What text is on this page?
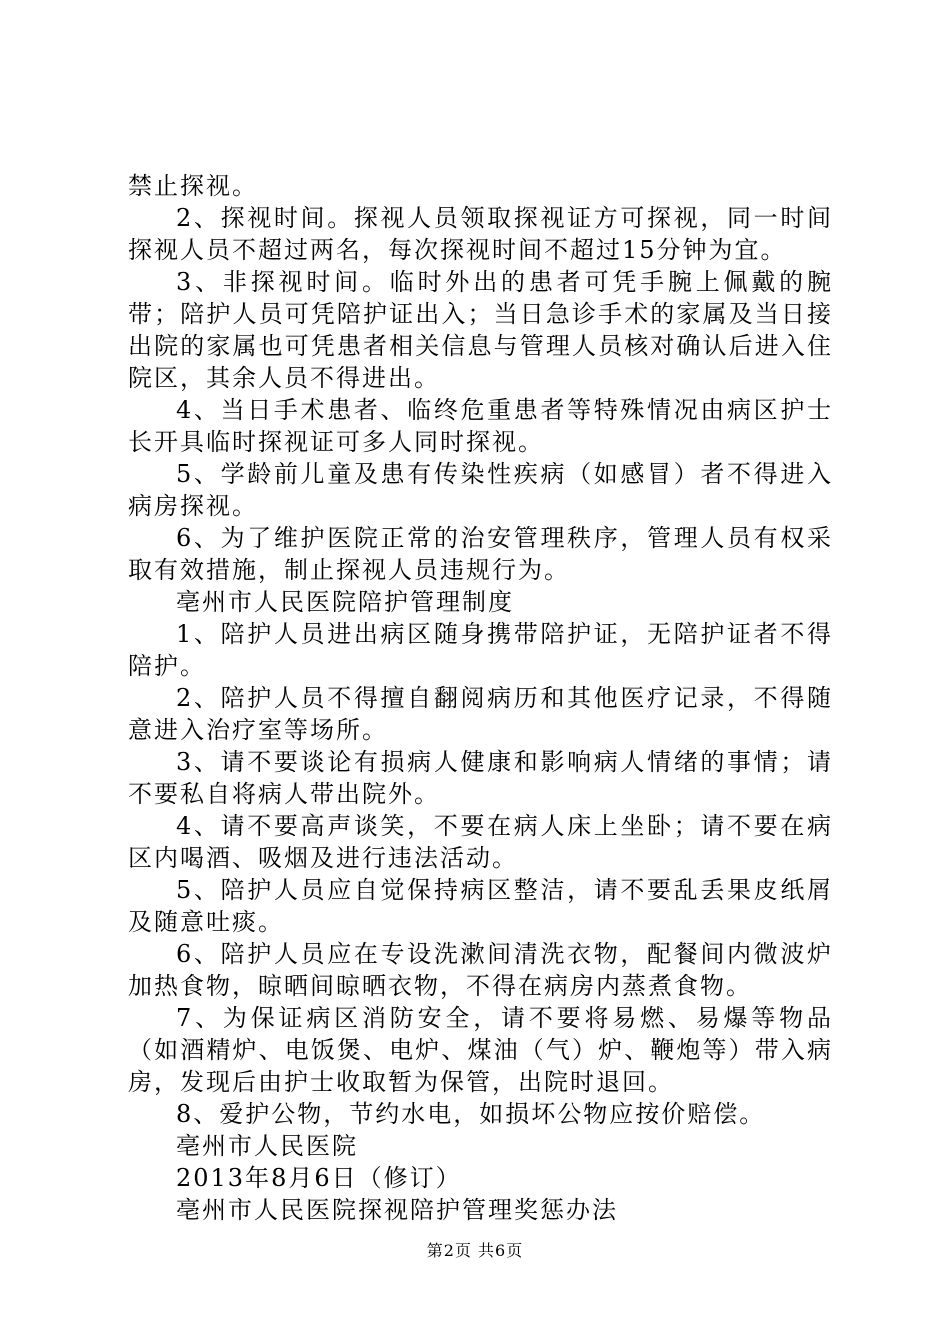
禁止探视。

2、探视时间。探视人员领取探视证方可探视，同一时间探视人员不超过两名，每次探视时间不超过15分钟为宜。

3、非探视时间。临时外出的患者可凭手腕上佩戴的腕带；陪护人员可凭陪护证出入；当日急诊手术的家属及当日接出院的家属也可凭患者相关信息与管理人员核对确认后进入住院区，其余人员不得进出。

4、当日手术患者、临终危重患者等特殊情况由病区护士长开具临时探视证可多人同时探视。

5、学龄前儿童及患有传染性疾病（如感冒）者不得进入病房探视。

6、为了维护医院正常的治安管理秩序，管理人员有权采取有效措施，制止探视人员违规行为。

亳州市人民医院陪护管理制度

1、陪护人员进出病区随身携带陪护证，无陪护证者不得陪护。

2、陪护人员不得擅自翻阅病历和其他医疗记录，不得随意进入治疗室等场所。

3、请不要谈论有损病人健康和影响病人情绪的事情；请不要私自将病人带出院外。

4、请不要高声谈笑，不要在病人床上坐卧；请不要在病区内喝酒、吸烟及进行违法活动。

5、陪护人员应自觉保持病区整洁，请不要乱丢果皮纸屑及随意吐痰。

6、陪护人员应在专设洗漱间清洗衣物，配餐间内微波炉加热食物，晾晒间晾晒衣物，不得在病房内蒸煮食物。

7、为保证病区消防安全，请不要将易燃、易爆等物品（如酒精炉、电饭煲、电炉、煤油（气）炉、鞭炮等）带入病房，发现后由护士收取暂为保管，出院时退回。

8、爱护公物，节约水电，如损坏公物应按价赔偿。

亳州市人民医院

2013年8月6日（修订）

亳州市人民医院探视陪护管理奖惩办法

第2页 共6页
